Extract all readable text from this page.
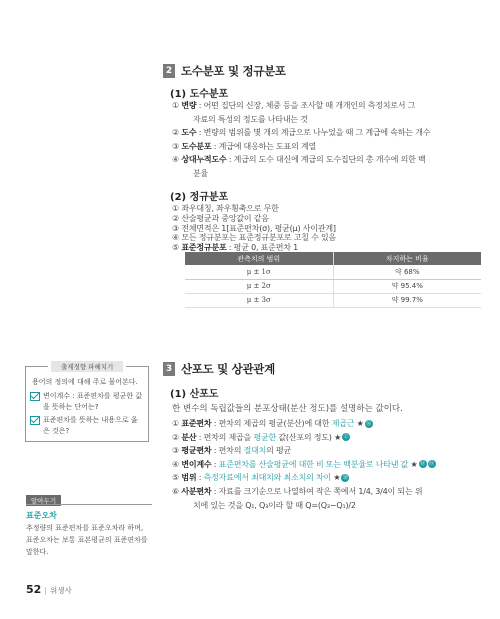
2 도수분포 및 정규분포
(1) 도수분포
① 변량 : 어떤 집단의 신장, 체중 등을 조사할 때 개개인의 측정치로서 그
자료의 특성의 정도를 나타내는 것
② 도수 : 변량의 범위를 몇 개의 계급으로 나누었을 때 그 계급에 속하는 개수
③ 도수분포 : 계급에 대응하는 도표의 계열
④ 상대누적도수 : 계급의 도수 대신에 계급의 도수집단의 총 개수에 의한 백
분율
(2) 정규분포
① 좌우대칭, 좌우횡축으로 무한
② 산술평균과 중앙값이 같음
③ 전체면적은 1[표준편차(σ), 평균(μ) 사이관계]
④ 모든 정규분포는 표준정규분포로 고칠 수 있음
⑤ 표준정규분포 : 평균 0, 표준편차 1
관측치의 범위	차지하는 비율
μ ± 1σ	약 68%
μ ± 2σ	약 95.4%
μ ± 3σ	약 99.7%
3 산포도 및 상관관계
(1) 산포도
한 변수의 독립값들의 분포상태(분산 정도)를 설명하는 값이다.
① 표준편차 : 편차의 제곱의 평균(분산)에 대한 제곱근 ★ ⑯
② 분산 : 편차의 제곱을 평균한 값(산포의 정도) ★ ⑰
③ 평균편차 : 편차의 절대치의 평균
④ 변이계수 : 표준편차를 산술평균에 대한 비 또는 백분율로 나타낸 값 ★ ⑱ ⑲
⑤ 범위 : 측정자료에서 최대치와 최소치의 차이 ★ ⑳
⑥ 사분편차 : 자료를 크기순으로 나열하여 작은 쪽에서 1/4, 3/4이 되는 위
치에 있는 것을 Q₁, Q₃이라 할 때 Q=(Q₃−Q₁)/2
출제경향 파헤치기
용어의 정의에 대해 주로 물어본다.
변이계수 : 표준편차를 평균한 값을 뜻하는 단어는?
표준편차를 뜻하는 내용으로 옳은 것은?
알아두기
표준오차
추정량의 표준편차를 표준오차라 하며, 표준오차는 보통 표본평균의 표준편차를 말한다.
52 | 위생사
